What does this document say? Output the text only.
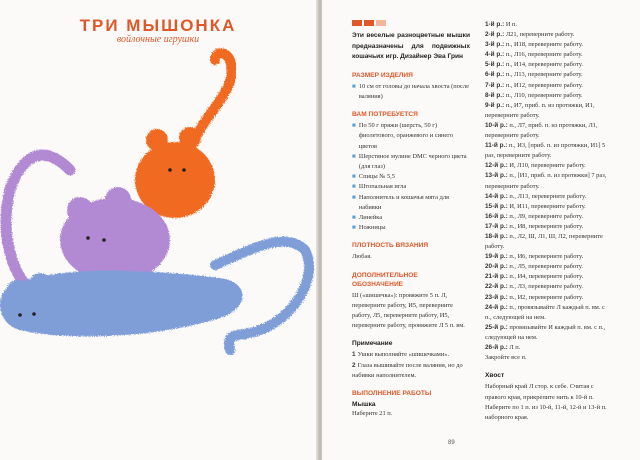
ТРИ МЫШОНКА
войлочные игрушки	Эти веселые разноцветные мышки предназначены для подвижных кошачьих игр. Дизайнер Эва Грин

РАЗМЕР ИЗДЕЛИЯ
■ 10 см от головы до начала хвоста (после валяния)
ВАМ ПОТРЕБУЕТСЯ
■ По 50 г пряжи (шерсть, 50 г) фиолетового, оранжевого и синего цветов
■ Шерстяное мулине DMC черного цвета (для глаз)
■ Спицы № 5,5
■ Штопальная игла
■ Наполнитель и кошачья мята для набивки
■ Линейка
■ Ножницы
ПЛОТНОСТЬ ВЯЗАНИЯ

Любая.

ДОПОЛНИТЕЛЬНОЕ ОБОЗНАЧЕНИЕ

Ш («шишечка»): провяжите 5 п. Л, переверните работу, И5, переверните работу, Л5, переверните работу, И5, переверните работу, провяжите Л 5 п. вм.

Примечание

1 Ушки выполняйте «шишечками».

2 Глаза вышивайте после валяния, но до набивки наполнителем.

ВЫПОЛНЕНИЕ РАБОТЫ
Мышка

Наберите 21 п.

1-й р.: И п.

2-й р.: Л21, переверните работу.

3-й р.: п., И18, переверните работу.

4-й р.: п., Л16, переверните работу.

5-й р.: п., И14, переверните работу.

6-й р.: п., Л13, переверните работу.

7-й р.: п., И12, переверните работу.

8-й р.: п., Л10, переверните работу.

9-й р.: п., И7, приб. п. из протяжки, И1, переверните работу.

10-й р.: п., Л7, приб. п. из протяжки, Л1, переверните работу.

11-й р.: п., И3, [приб. п. из протяжки, И1] 5 раз, переверните работу.

12-й р.: И, Л10, переверните работу.

13-й р.: п., [И1, приб. п. из протяжки] 7 раз, переверните работу.

14-й р.: п., Л13, переверните работу.

15-й р.: И, И11, переверните работу.

16-й р.: п., Л9, переверните работу.

17-й р.: п., И8, переверните работу.

18-й р.: п., Л2, Ш, Л1, Ш, Л2, переверните работу.

19-й р.: п., И6, переверните работу.

20-й р.: п., Л5, переверните работу.

21-й р.: п., И4, переверните работу.

22-й р.: п., Л3, переверните работу.

23-й р.: п., И2, переверните работу.

24-й р.: п., провязывайте Л каждый п. вм. с п., следующей на нем.

25-й р.: провязывайте И каждый п. вм. с п., следующей на нем.

26-й р.: Л п.

Закройте все п.

Хвост

Наборный край Л стор. к себе. Считая с правого края, прикрепите нить к 10-й п. Наберите по 1 п. из 10-й, 11-й, 12-й и 13-й п. наборного края.

89
